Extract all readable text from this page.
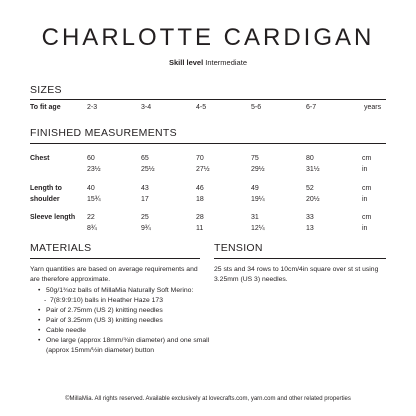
CHARLOTTE CARDIGAN
Skill level Intermediate
SIZES
To fit age	2-3	3-4	4-5	5-6	6-7	years
FINISHED MEASUREMENTS
Chest	60	65	70	75	80	cm
23½	25½	27½	29½	31½	in
Length to
shoulder
40	43	46	49	52	cm
15¾	17	18	19¼	20½	in
Sleeve length 22	25	28	31	33	cm
8¾	9¾	11	12¼	13	in
MATERIALS
Yarn quantities are based on average requirements and are therefore approximate.
• 50g/1¾oz balls of MillaMia Naturally Soft Merino:
- 7(8:9:9:10) balls in Heather Haze 173
• Pair of 2.75mm (US 2) knitting needles
• Pair of 3.25mm (US 3) knitting needles
• Cable needle
• One large (approx 18mm/¾in diameter) and one small (approx 15mm/½in diameter) button
TENSION
25 sts and 34 rows to 10cm/4in square over st st using 3.25mm (US 3) needles.
©MillaMia. All rights reserved. Available exclusively at lovecrafts.com, yarn.com and other related properties
